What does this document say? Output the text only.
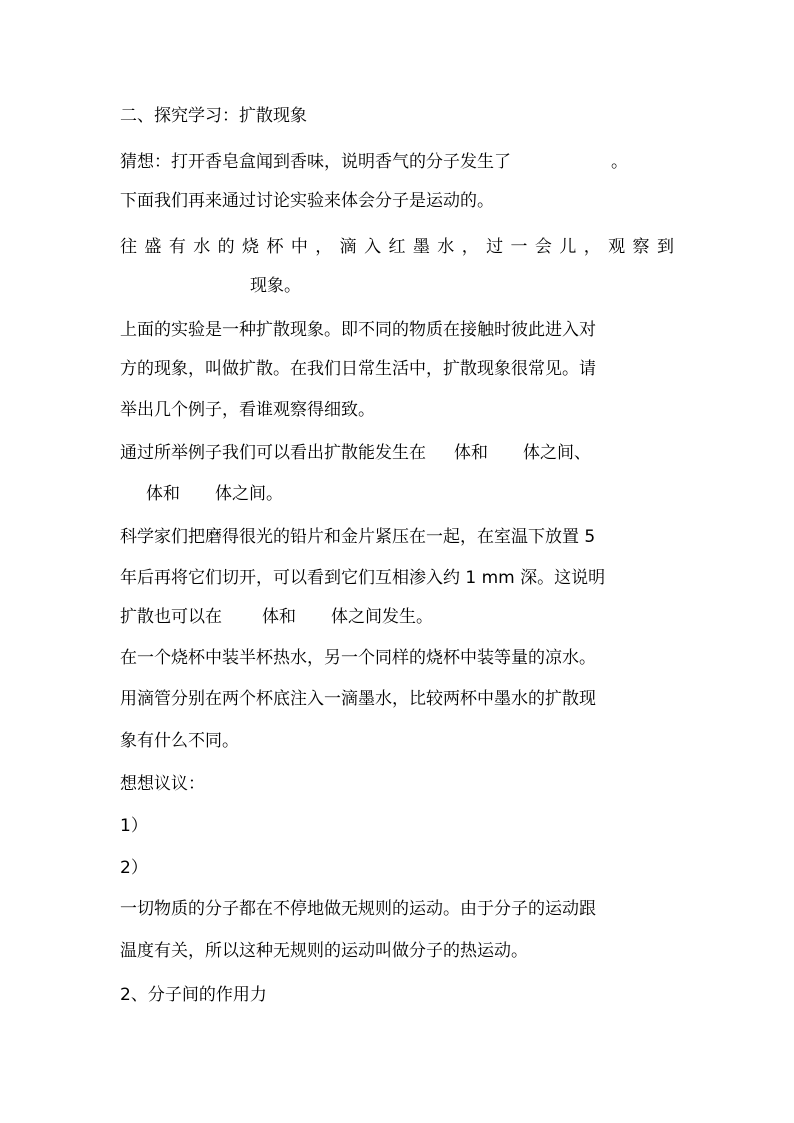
二、探究学习：扩散现象

猜想：打开香皂盒闻到香味，说明香气的分子发生了	。

下面我们再来通过讨论实验来体会分子是运动的。

往 盛 有 水 的 烧 杯 中 ， 滴 入 红 墨 水 ， 过 一 会 儿 ， 观 察 到

现象。

上面的实验是一种扩散现象。即不同的物质在接触时彼此进入对

方的现象，叫做扩散。在我们日常生活中，扩散现象很常见。请

举出几个例子，看谁观察得细致。

通过所举例子我们可以看出扩散能发生在 体和 体之间、

体和 体之间。

科学家们把磨得很光的铅片和金片紧压在一起，在室温下放置 5

年后再将它们切开，可以看到它们互相渗入约 1 mm 深。这说明

扩散也可以在 体和 体之间发生。

在一个烧杯中装半杯热水，另一个同样的烧杯中装等量的凉水。

用滴管分别在两个杯底注入一滴墨水，比较两杯中墨水的扩散现

象有什么不同。

想想议议：

1）

2）

一切物质的分子都在不停地做无规则的运动。由于分子的运动跟

温度有关，所以这种无规则的运动叫做分子的热运动。

2、分子间的作用力
